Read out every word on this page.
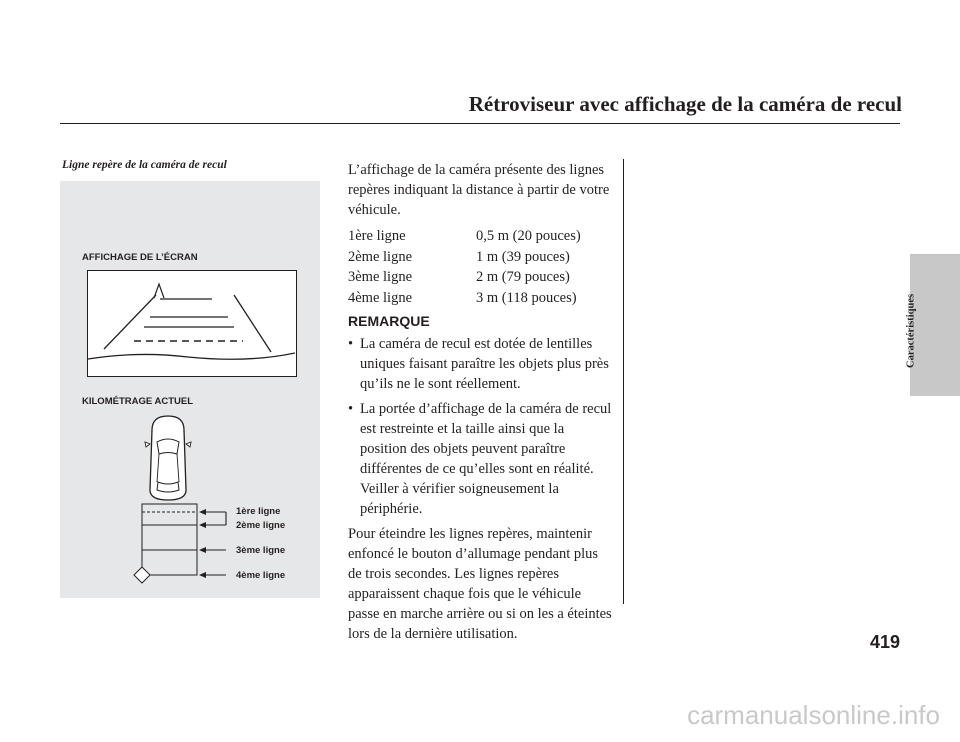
Rétroviseur avec affichage de la caméra de recul
Caractéristiques
Ligne repère de la caméra de recul
AFFICHAGE DE L’ÉCRAN
KILOMÉTRAGE ACTUEL
1ère ligne
2ème ligne
3ème ligne
4ème ligne

L’affichage de la caméra présente des lignes repères indiquant la distance à partir de votre véhicule.

1ère ligne	0,5 m (20 pouces)
2ème ligne	1 m (39 pouces)
3ème ligne	2 m (79 pouces)
4ème ligne	3 m (118 pouces)
REMARQUE
• La caméra de recul est dotée de lentilles uniques faisant paraître les objets plus près qu’ils ne le sont réellement.
• La portée d’affichage de la caméra de recul est restreinte et la taille ainsi que la position des objets peuvent paraître différentes de ce qu’elles sont en réalité. Veiller à vérifier soigneusement la périphérie.

Pour éteindre les lignes repères, maintenir enfoncé le bouton d’allumage pendant plus de trois secondes. Les lignes repères apparaissent chaque fois que le véhicule passe en marche arrière ou si on les a éteintes lors de la dernière utilisation.	419
carmanualsonline.info
